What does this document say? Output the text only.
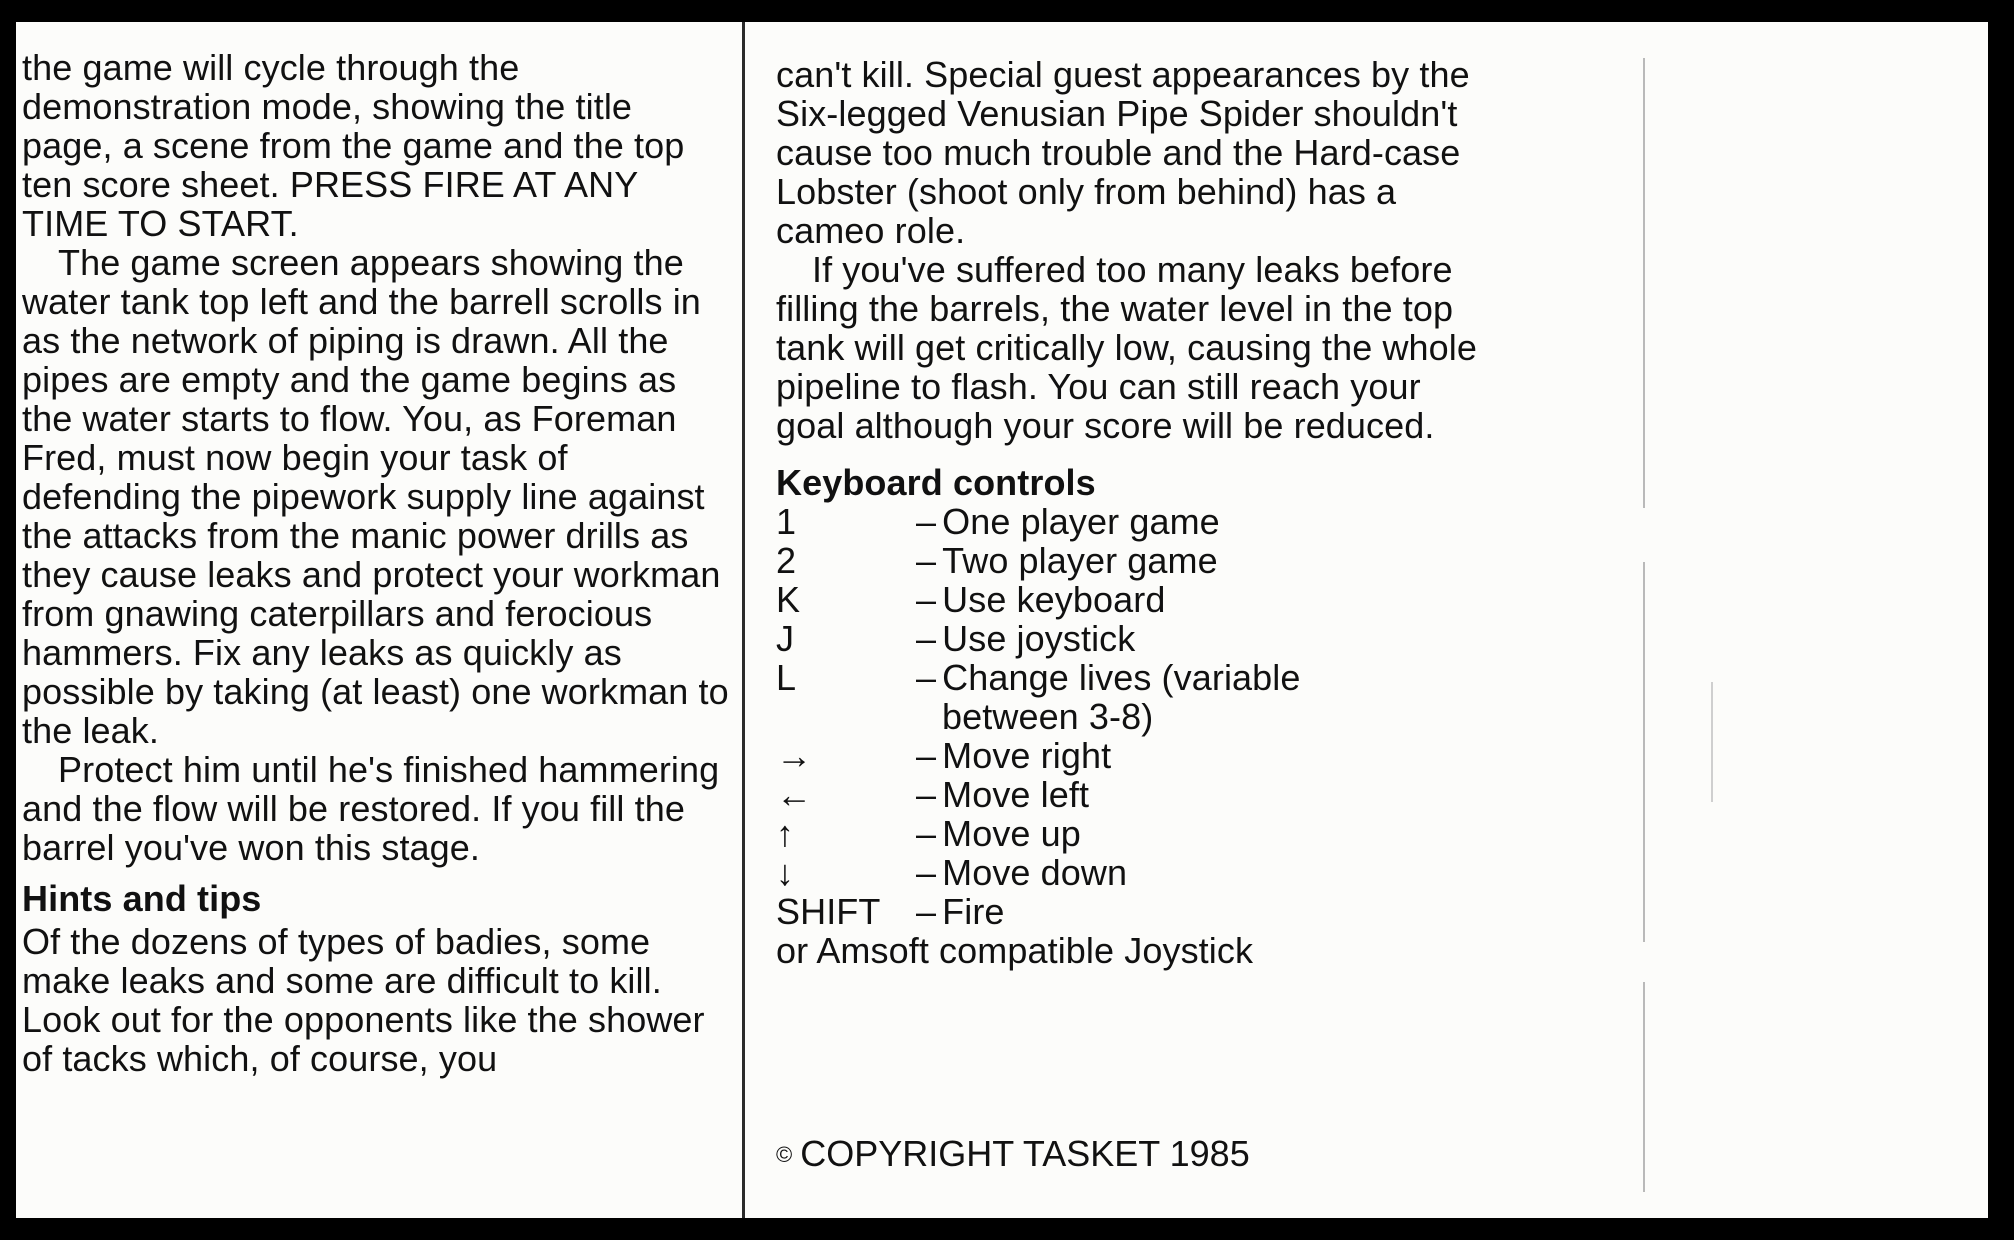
the game will cycle through the demonstration mode, showing the title page, a scene from the game and the top ten score sheet. PRESS FIRE AT ANY TIME TO START.

The game screen appears showing the water tank top left and the barrell scrolls in as the network of piping is drawn. All the pipes are empty and the game begins as the water starts to flow. You, as Foreman Fred, must now begin your task of defending the pipework supply line against the attacks from the manic power drills as they cause leaks and protect your workman from gnawing caterpillars and ferocious hammers. Fix any leaks as quickly as possible by taking (at least) one workman to the leak.

Protect him until he's finished hammering and the flow will be restored. If you fill the barrel you've won this stage.

Hints and tips

Of the dozens of types of badies, some make leaks and some are difficult to kill. Look out for the opponents like the shower of tacks which, of course, you

can't kill. Special guest appearances by the Six-legged Venusian Pipe Spider shouldn't cause too much trouble and the Hard-case Lobster (shoot only from behind) has a cameo role.

If you've suffered too many leaks before filling the barrels, the water level in the top tank will get critically low, causing the whole pipeline to flash. You can still reach your goal although your score will be reduced.

Keyboard controls
1	– One player game
2	– Two player game
K	– Use keyboard
J	– Use joystick
L	– Change lives (variable
between 3-8)
→	– Move right
←	– Move left
↑	– Move up
↓	– Move down
SHIFT – Fire

or Amsoft compatible Joystick

© COPYRIGHT TASKET 1985
